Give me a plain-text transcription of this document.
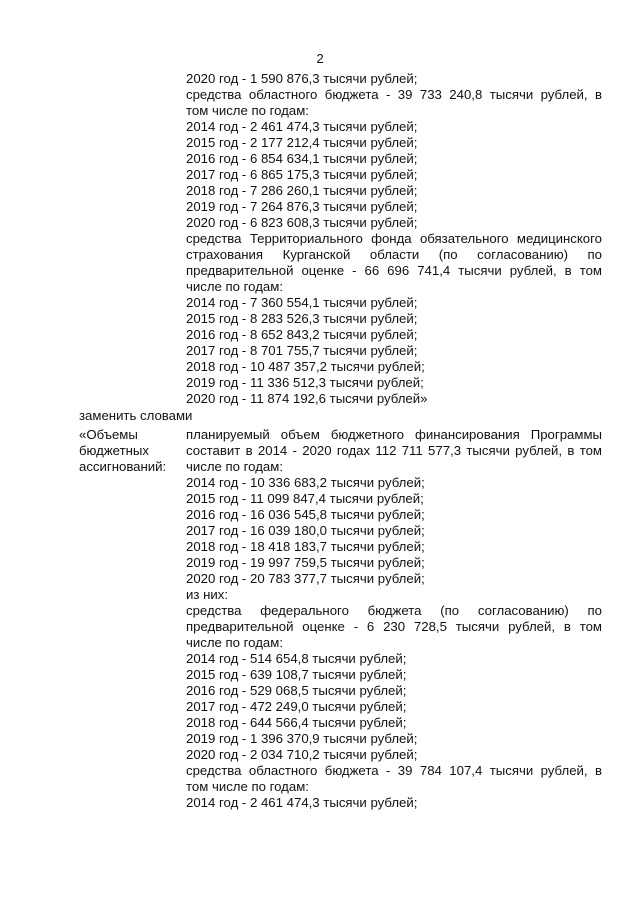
2
2020 год - 1 590 876,3 тысячи рублей;
средства областного бюджета - 39 733 240,8 тысячи рублей, в
том числе по годам:
2014 год - 2 461 474,3 тысячи рублей;
2015 год - 2 177 212,4 тысячи рублей;
2016 год - 6 854 634,1 тысячи рублей;
2017 год - 6 865 175,3 тысячи рублей;
2018 год - 7 286 260,1 тысячи рублей;
2019 год - 7 264 876,3 тысячи рублей;
2020 год - 6 823 608,3 тысячи рублей;
средства Территориального фонда обязательного медицинского
страхования Курганской области (по согласованию) по
предварительной оценке - 66 696 741,4 тысячи рублей, в том
числе по годам:
2014 год - 7 360 554,1 тысячи рублей;
2015 год - 8 283 526,3 тысячи рублей;
2016 год - 8 652 843,2 тысячи рублей;
2017 год - 8 701 755,7 тысячи рублей;
2018 год - 10 487 357,2 тысячи рублей;
2019 год - 11 336 512,3 тысячи рублей;
2020 год - 11 874 192,6 тысячи рублей»
заменить словами
«Объемы
бюджетных
ассигнований:
планируемый объем бюджетного финансирования Программы
составит в 2014 - 2020 годах 112 711 577,3 тысячи рублей, в том
числе по годам:
2014 год - 10 336 683,2 тысячи рублей;
2015 год - 11 099 847,4 тысячи рублей;
2016 год - 16 036 545,8 тысячи рублей;
2017 год - 16 039 180,0 тысячи рублей;
2018 год - 18 418 183,7 тысячи рублей;
2019 год - 19 997 759,5 тысячи рублей;
2020 год - 20 783 377,7 тысячи рублей;
из них:
средства федерального бюджета (по согласованию) по
предварительной оценке - 6 230 728,5 тысячи рублей, в том
числе по годам:
2014 год - 514 654,8 тысячи рублей;
2015 год - 639 108,7 тысячи рублей;
2016 год - 529 068,5 тысячи рублей;
2017 год - 472 249,0 тысячи рублей;
2018 год - 644 566,4 тысячи рублей;
2019 год - 1 396 370,9 тысячи рублей;
2020 год - 2 034 710,2 тысячи рублей;
средства областного бюджета - 39 784 107,4 тысячи рублей, в
том числе по годам:
2014 год - 2 461 474,3 тысячи рублей;
